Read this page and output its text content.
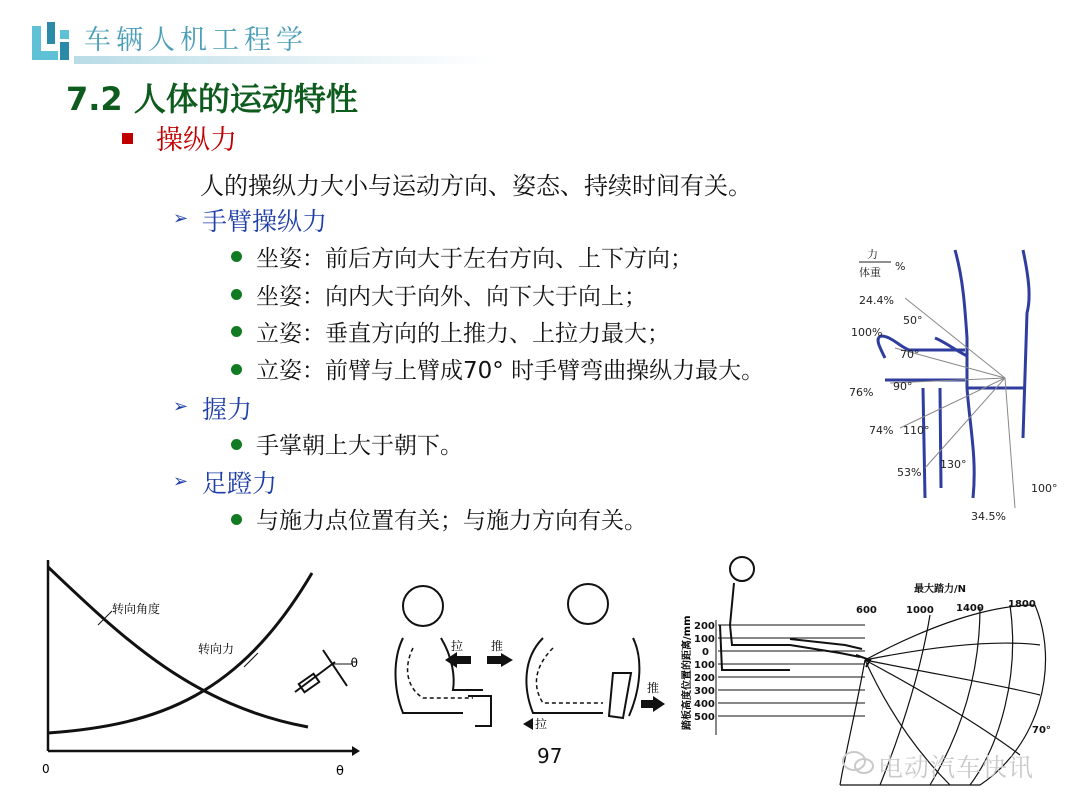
车辆人机工程学
7.2 人体的运动特性
操纵力
人的操纵力大小与运动方向、姿态、持续时间有关。
➢ 手臂操纵力
坐姿：前后方向大于左右方向、上下方向；
坐姿：向内大于向外、向下大于向上；
立姿：垂直方向的上推力、上拉力最大；
立姿：前臂与上臂成70° 时手臂弯曲操纵力最大。
➢ 握力
手掌朝上大于朝下。
➢ 足蹬力
与施力点位置有关；与施力方向有关。
力
体重 %
24.4%
50°
100%
70°
76% 90°
74% 110°
53%
130°
34.5%
100°
转向角度
转向力
0	θ
θ
拉 推
推
拉
最大踏力/N
600	1000 1400 1800
200
100
0
100
200
300
400
500
70°
踏板高度位置的距离/mm
97	电动汽车快讯
